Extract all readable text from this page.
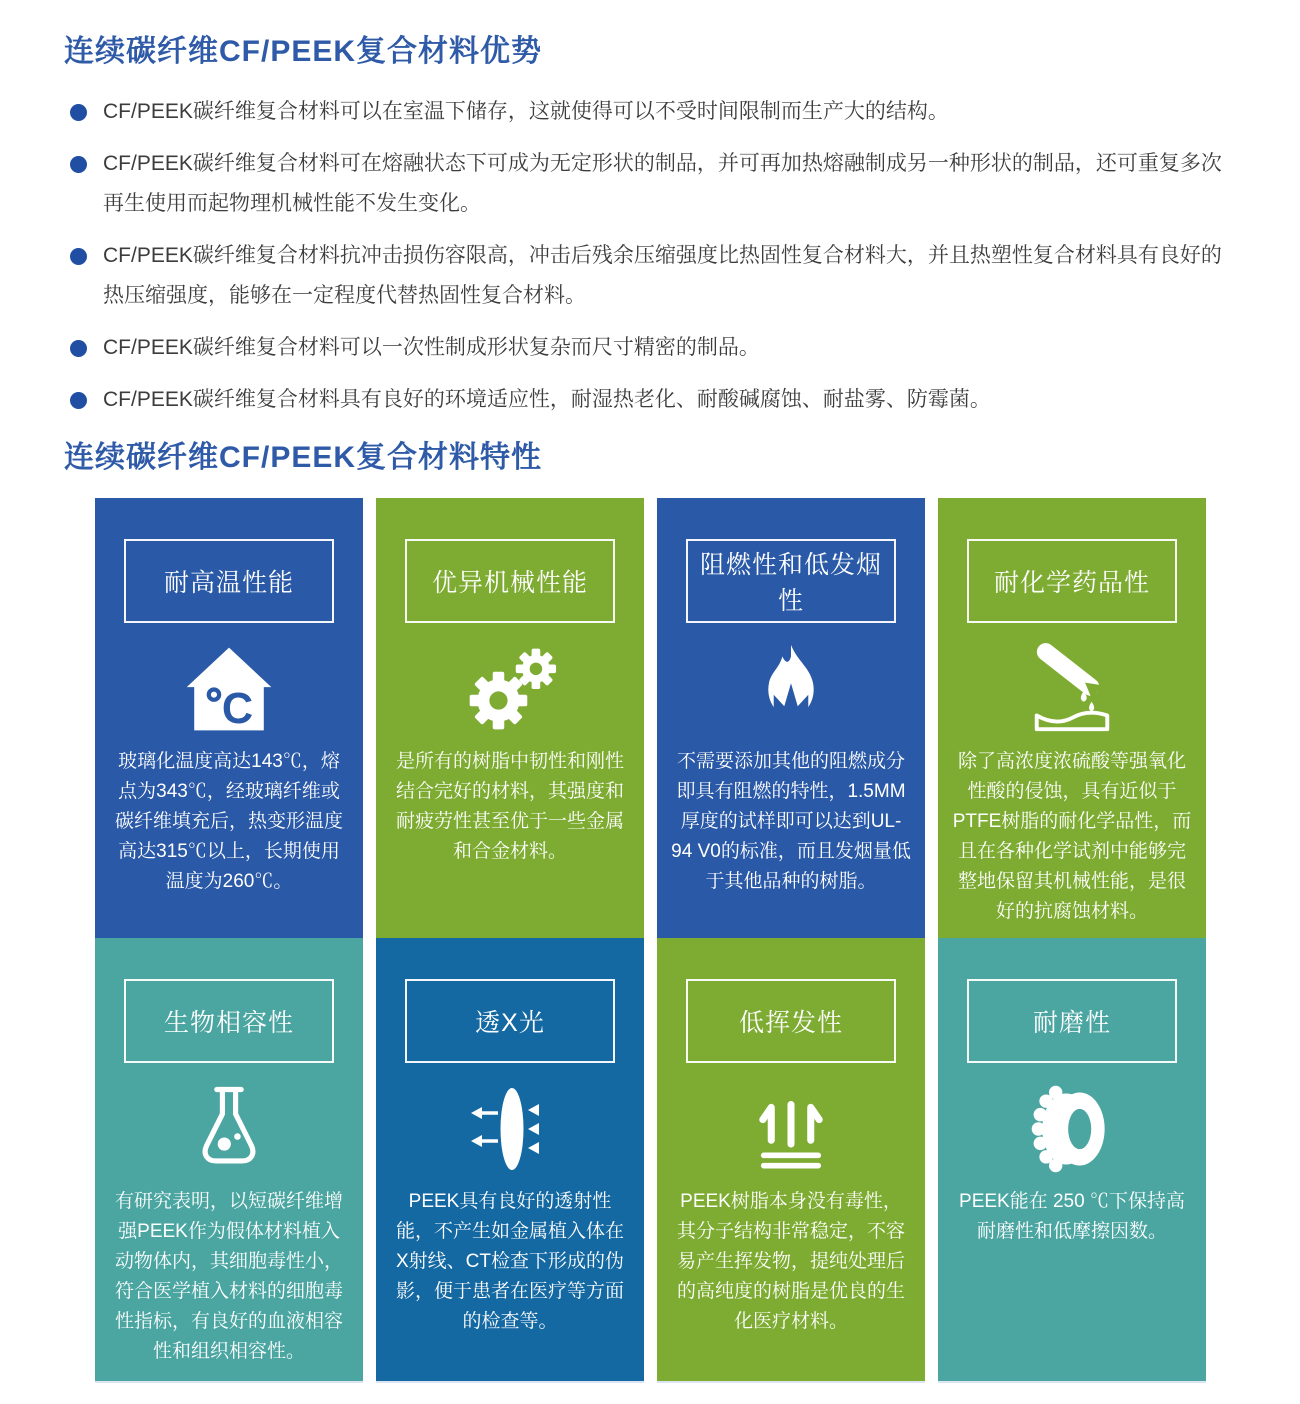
连续碳纤维CF/PEEK复合材料优势
CF/PEEK碳纤维复合材料可以在室温下储存，这就使得可以不受时间限制而生产大的结构。
CF/PEEK碳纤维复合材料可在熔融状态下可成为无定形状的制品，并可再加热熔融制成另一种形状的制品，还可重复多次再生使用而起物理机械性能不发生变化。
CF/PEEK碳纤维复合材料抗冲击损伤容限高，冲击后残余压缩强度比热固性复合材料大，并且热塑性复合材料具有良好的热压缩强度，能够在一定程度代替热固性复合材料。
CF/PEEK碳纤维复合材料可以一次性制成形状复杂而尺寸精密的制品。
CF/PEEK碳纤维复合材料具有良好的环境适应性，耐湿热老化、耐酸碱腐蚀、耐盐雾、防霉菌。
连续碳纤维CF/PEEK复合材料特性
耐高温性能
C

玻璃化温度高达143℃，熔点为343℃，经玻璃纤维或碳纤维填充后，热变形温度高达315℃以上，长期使用温度为260℃。

优异机械性能

是所有的树脂中韧性和刚性结合完好的材料，其强度和耐疲劳性甚至优于一些金属和合金材料。

阻燃性和低发烟性

不需要添加其他的阻燃成分即具有阻燃的特性，1.5MM厚度的试样即可以达到UL-94 V0的标准，而且发烟量低于其他品种的树脂。

耐化学药品性

除了高浓度浓硫酸等强氧化性酸的侵蚀，具有近似于PTFE树脂的耐化学品性，而且在各种化学试剂中能够完整地保留其机械性能，是很好的抗腐蚀材料。

生物相容性

有研究表明，以短碳纤维增强PEEK作为假体材料植入动物体内，其细胞毒性小，符合医学植入材料的细胞毒性指标，有良好的血液相容性和组织相容性。

透X光

PEEK具有良好的透射性能，不产生如金属植入体在X射线、CT检查下形成的伪影，便于患者在医疗等方面的检查等。

低挥发性

PEEK树脂本身没有毒性，其分子结构非常稳定，不容易产生挥发物，提纯处理后的高纯度的树脂是优良的生化医疗材料。

耐磨性

PEEK能在 250 ℃下保持高耐磨性和低摩擦因数。
